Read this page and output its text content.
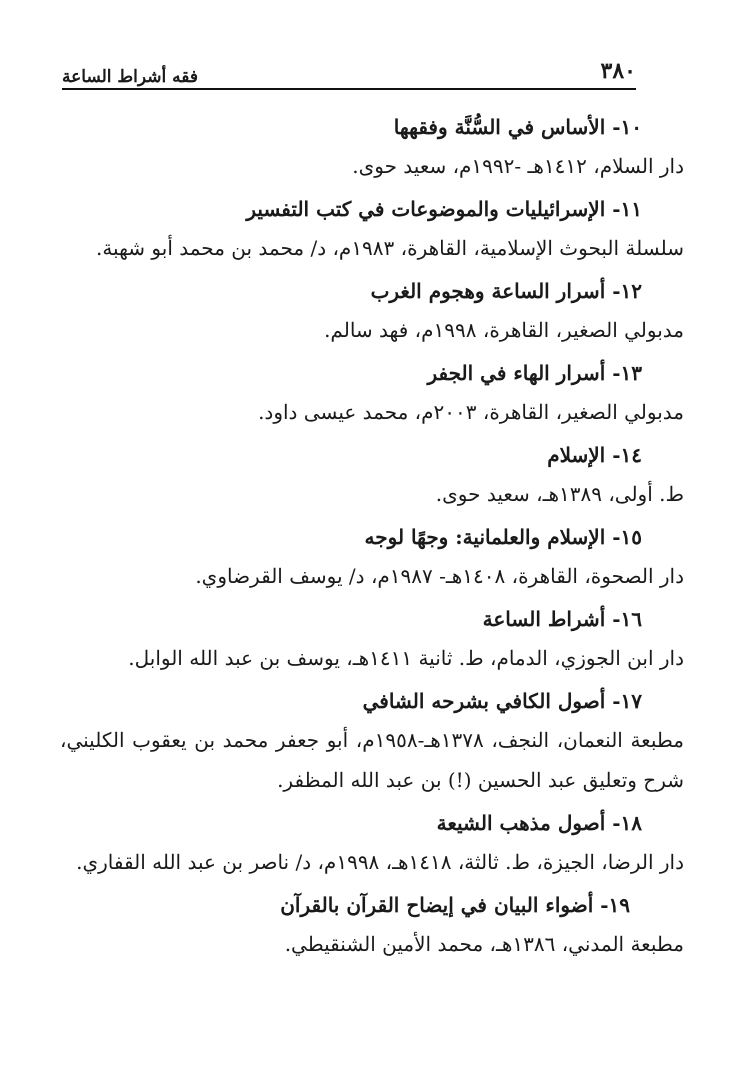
٣٨٠
فقه أشراط الساعة
١٠- الأساس في السُّنَّة وفقهها
دار السلام، ١٤١٢هـ -١٩٩٢م، سعيد حوى.
١١- الإسرائيليات والموضوعات في كتب التفسير
سلسلة البحوث الإسلامية، القاهرة، ١٩٨٣م، د/ محمد بن محمد أبو شهبة.
١٢- أسرار الساعة وهجوم الغرب
مدبولي الصغير، القاهرة، ١٩٩٨م، فهد سالم.
١٣- أسرار الهاء في الجفر
مدبولي الصغير، القاهرة، ٢٠٠٣م، محمد عيسى داود.
١٤- الإسلام
ط. أولى، ١٣٨٩هـ، سعيد حوى.
١٥- الإسلام والعلمانية: وجهًا لوجه
دار الصحوة، القاهرة، ١٤٠٨هـ- ١٩٨٧م، د/ يوسف القرضاوي.
١٦- أشراط الساعة
دار ابن الجوزي، الدمام، ط. ثانية ١٤١١هـ، يوسف بن عبد الله الوابل.
١٧- أصول الكافي بشرحه الشافي
مطبعة النعمان، النجف، ١٣٧٨هـ-١٩٥٨م، أبو جعفر محمد بن يعقوب الكليني، شرح وتعليق عبد الحسين (!) بن عبد الله المظفر.
١٨- أصول مذهب الشيعة
دار الرضا، الجيزة، ط. ثالثة، ١٤١٨هـ، ١٩٩٨م، د/ ناصر بن عبد الله القفاري.
١٩- أضواء البيان في إيضاح القرآن بالقرآن
مطبعة المدني، ١٣٨٦هـ، محمد الأمين الشنقيطي.
